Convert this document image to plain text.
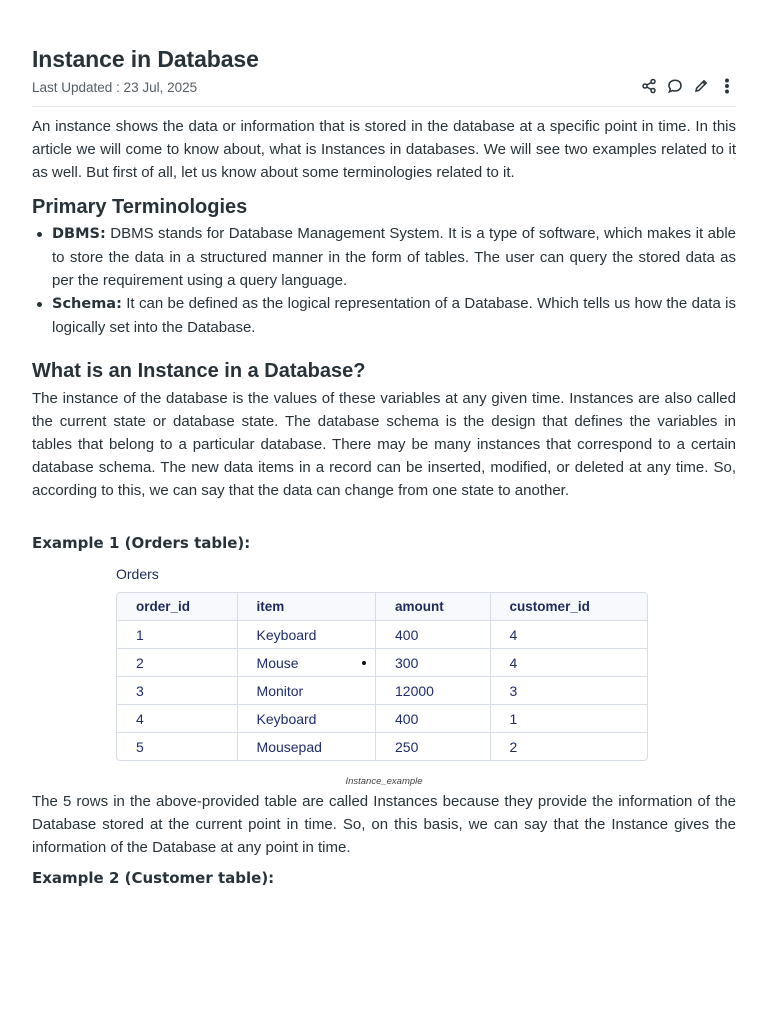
Instance in Database
Last Updated : 23 Jul, 2025

An instance shows the data or information that is stored in the database at a specific point in time. In this article we will come to know about, what is Instances in databases. We will see two examples related to it as well. But first of all, let us know about some terminologies related to it.

Primary Terminologies
DBMS: DBMS stands for Database Management System. It is a type of software, which makes it able to store the data in a structured manner in the form of tables. The user can query the stored data as per the requirement using a query language.
Schema: It can be defined as the logical representation of a Database. Which tells us how the data is logically set into the Database.
What is an Instance in a Database?

The instance of the database is the values of these variables at any given time. Instances are also called the current state or database state. The database schema is the design that defines the variables in tables that belong to a particular database. There may be many instances that correspond to a certain database schema. The new data items in a record can be inserted, modified, or deleted at any time. So, according to this, we can say that the data can change from one state to another.

Example 1 (Orders table):
Orders
order_id	item	amount	customer_id
1	Keyboard	400	4
2	Mouse	300	4
3	Monitor	12000	3
4	Keyboard	400	1
5	Mousepad	250	2
Instance_example

The 5 rows in the above-provided table are called Instances because they provide the information of the Database stored at the current point in time. So, on this basis, we can say that the Instance gives the information of the Database at any point in time.

Example 2 (Customer table):
